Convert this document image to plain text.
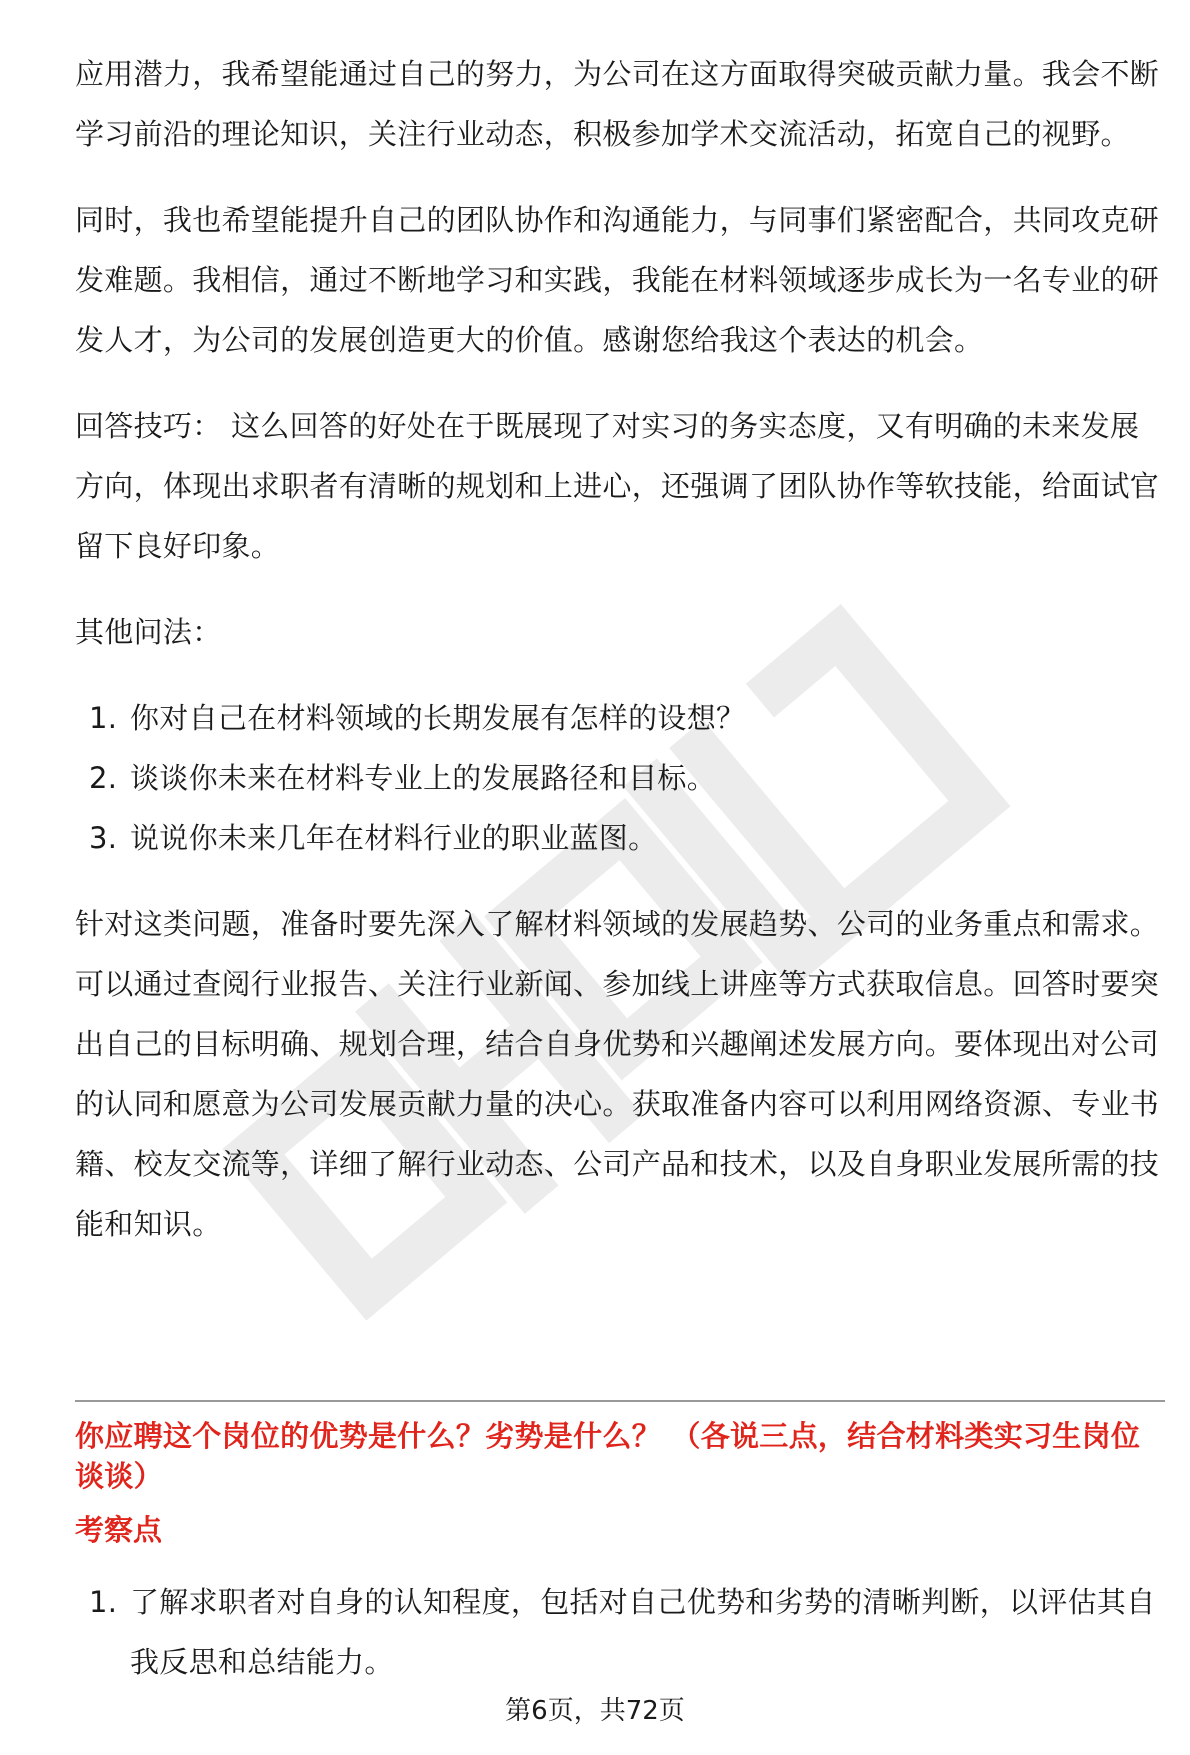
应用潜力，我希望能通过自己的努力，为公司在这方面取得突破贡献力量。我会不断学习前沿的理论知识，关注行业动态，积极参加学术交流活动，拓宽自己的视野。

同时，我也希望能提升自己的团队协作和沟通能力，与同事们紧密配合，共同攻克研发难题。我相信，通过不断地学习和实践，我能在材料领域逐步成长为一名专业的研发人才，为公司的发展创造更大的价值。感谢您给我这个表达的机会。

回答技巧： 这么回答的好处在于既展现了对实习的务实态度，又有明确的未来发展方向，体现出求职者有清晰的规划和上进心，还强调了团队协作等软技能，给面试官留下良好印象。

其他问法：

1. 你对自己在材料领域的长期发展有怎样的设想？
2. 谈谈你未来在材料专业上的发展路径和目标。
3. 说说你未来几年在材料行业的职业蓝图。

针对这类问题，准备时要先深入了解材料领域的发展趋势、公司的业务重点和需求。可以通过查阅行业报告、关注行业新闻、参加线上讲座等方式获取信息。回答时要突出自己的目标明确、规划合理，结合自身优势和兴趣阐述发展方向。要体现出对公司的认同和愿意为公司发展贡献力量的决心。获取准备内容可以利用网络资源、专业书籍、校友交流等，详细了解行业动态、公司产品和技术，以及自身职业发展所需的技能和知识。

你应聘这个岗位的优势是什么？劣势是什么？ （各说三点，结合材料类实习生岗位谈谈）

考察点

1. 了解求职者对自身的认知程度，包括对自己优势和劣势的清晰判断，以评估其自我反思和总结能力。
第6页，共72页
